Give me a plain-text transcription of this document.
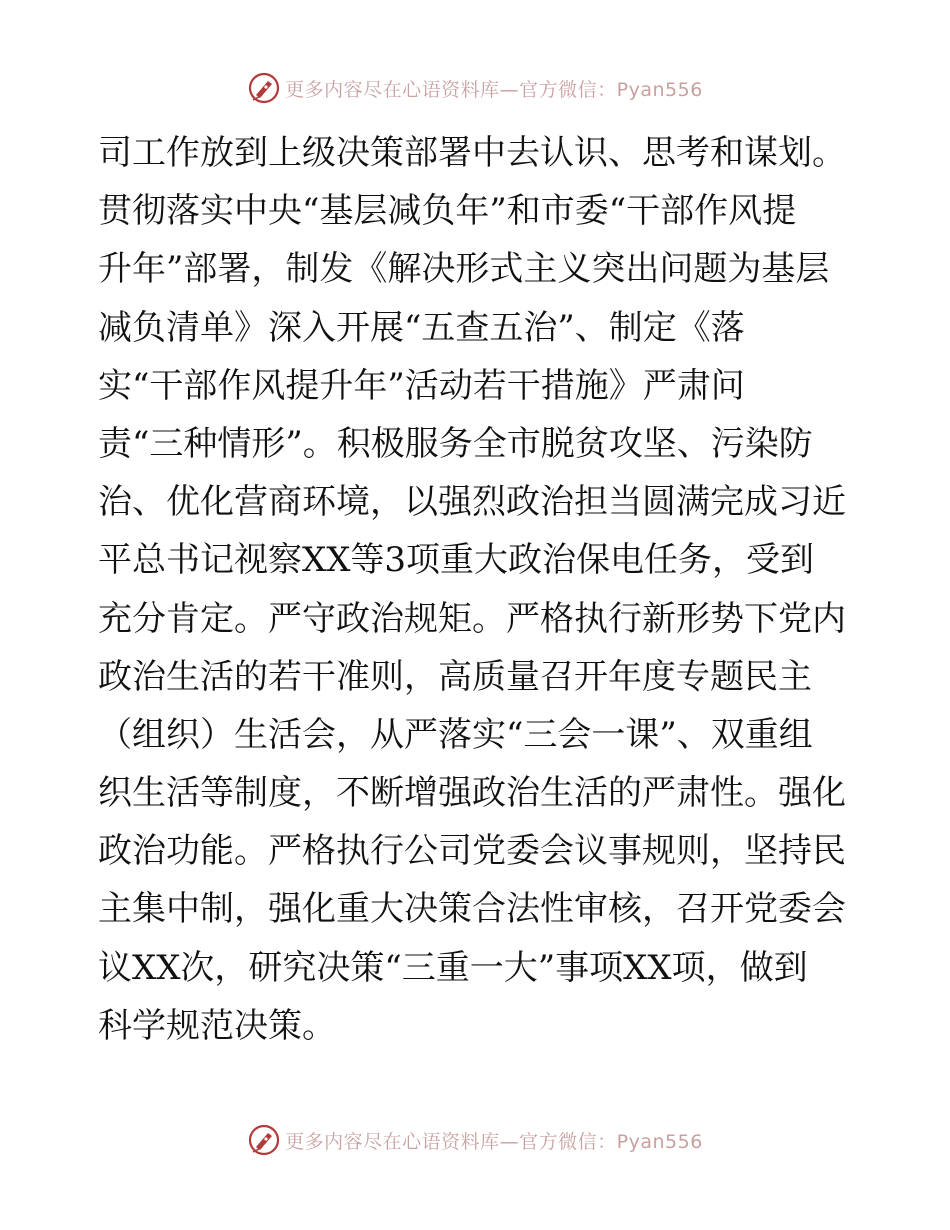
更多内容尽在心语资料库—官方微信：Pyan556
司工作放到上级决策部署中去认识、思考和谋划。
贯彻落实中央“基层减负年”和市委“干部作风提
升年”部署，制发《解决形式主义突出问题为基层
减负清单》深入开展“五查五治”、制定《落
实“干部作风提升年”活动若干措施》严肃问
责“三种情形”。积极服务全市脱贫攻坚、污染防
治、优化营商环境，以强烈政治担当圆满完成习近
平总书记视察XX等3项重大政治保电任务，受到
充分肯定。严守政治规矩。严格执行新形势下党内
政治生活的若干准则，高质量召开年度专题民主
（组织）生活会，从严落实“三会一课”、双重组
织生活等制度，不断增强政治生活的严肃性。强化
政治功能。严格执行公司党委会议事规则，坚持民
主集中制，强化重大决策合法性审核，召开党委会
议XX次，研究决策“三重一大”事项XX项，做到
科学规范决策。
更多内容尽在心语资料库—官方微信：Pyan556
